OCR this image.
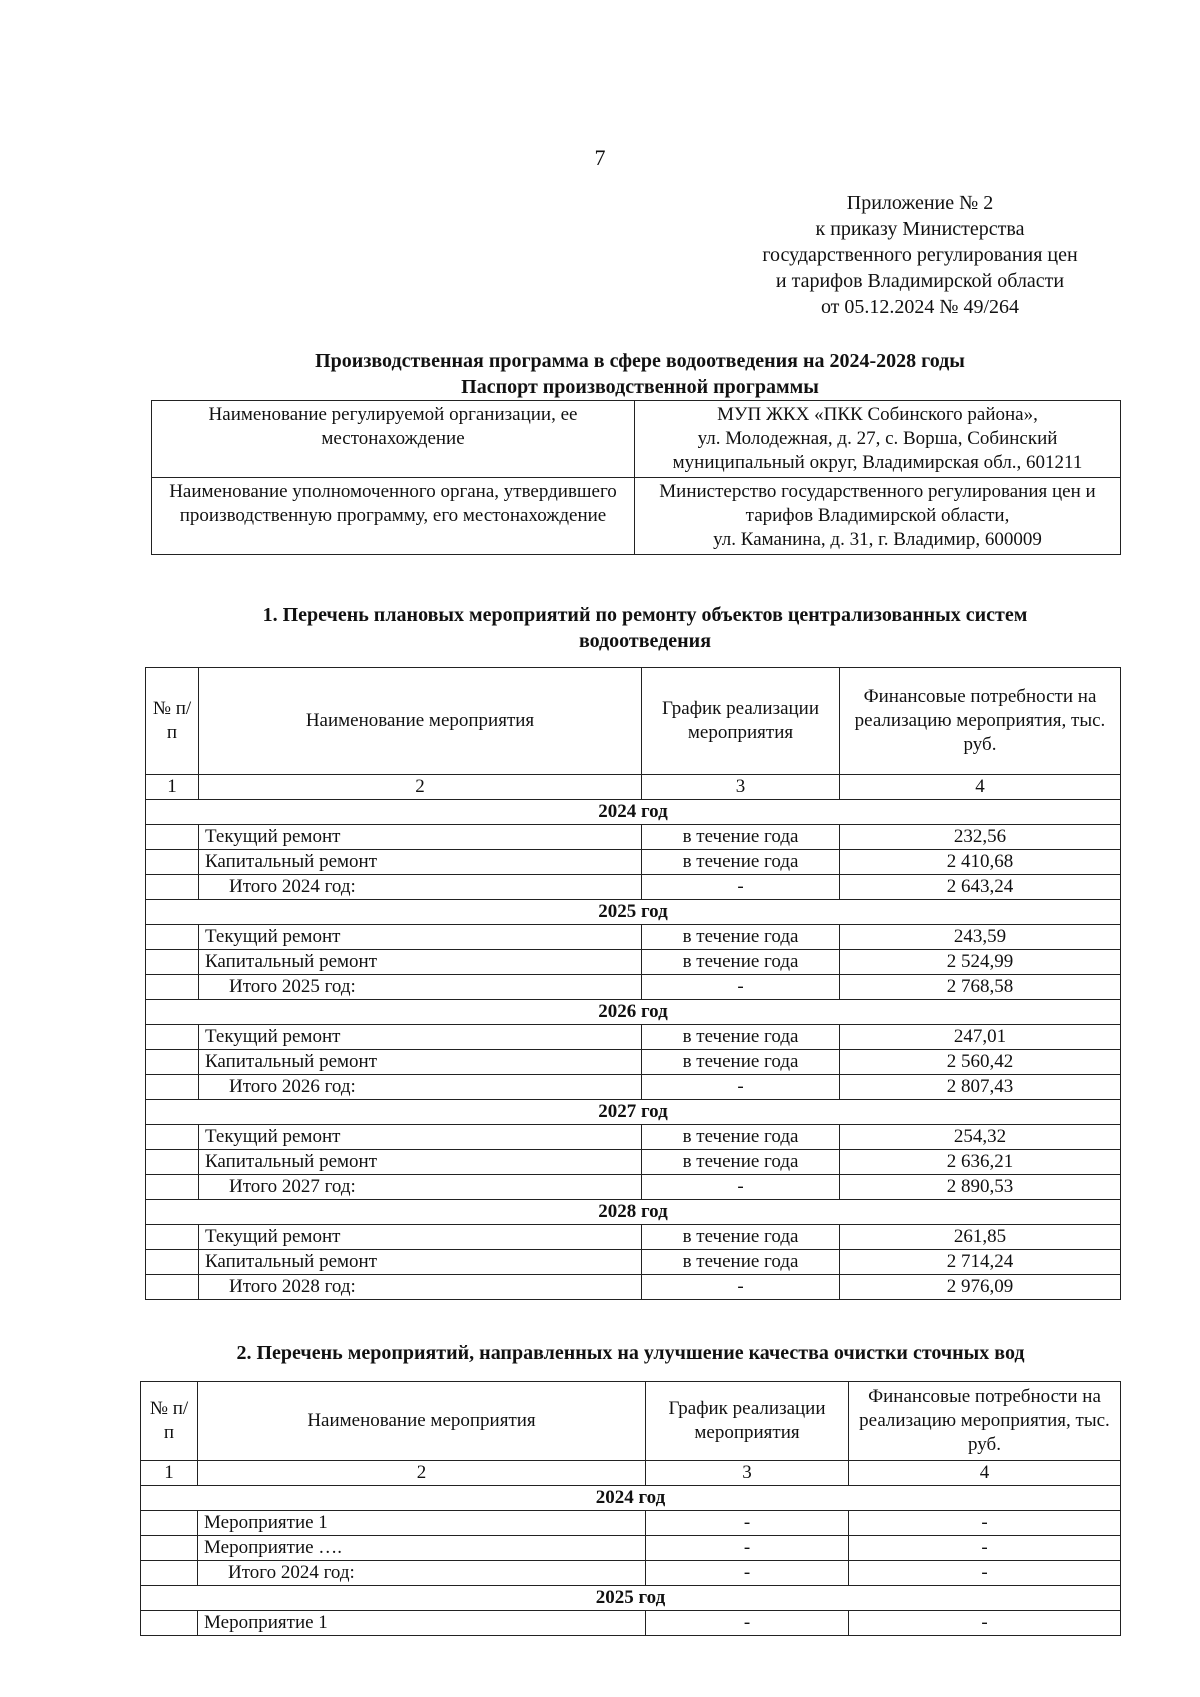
7
Приложение № 2
к приказу Министерства
государственного регулирования цен
и тарифов Владимирской области
от 05.12.2024 № 49/264
Производственная программа в сфере водоотведения на 2024-2028 годы
Паспорт производственной программы
Наименование регулируемой организации, ее местонахождение	МУП ЖКХ «ПКК Собинского района»,
ул. Молодежная, д. 27, с. Ворша, Собинский
муниципальный округ, Владимирская обл., 601211

Наименование уполномоченного органа, утвердившего производственную программу, его местонахождение	Министерство государственного регулирования цен и тарифов Владимирской области,
ул. Каманина, д. 31, г. Владимир, 600009
1. Перечень плановых мероприятий по ремонту объектов централизованных систем водоотведения
№ п/п	Наименование мероприятия	График реализации мероприятия	Финансовые потребности на реализацию мероприятия, тыс. руб.
1	2	3	4
2024 год			
	Текущий ремонт	в течение года	232,56
	Капитальный ремонт	в течение года	2 410,68
	Итого 2024 год:	-	2 643,24
2025 год			
	Текущий ремонт	в течение года	243,59
	Капитальный ремонт	в течение года	2 524,99
	Итого 2025 год:	-	2 768,58
2026 год			
	Текущий ремонт	в течение года	247,01
	Капитальный ремонт	в течение года	2 560,42
	Итого 2026 год:	-	2 807,43
2027 год			
	Текущий ремонт	в течение года	254,32
	Капитальный ремонт	в течение года	2 636,21
	Итого 2027 год:	-	2 890,53
2028 год			
	Текущий ремонт	в течение года	261,85
	Капитальный ремонт	в течение года	2 714,24
	Итого 2028 год:	-	2 976,09
2. Перечень мероприятий, направленных на улучшение качества очистки сточных вод
№ п/п	Наименование мероприятия	График реализации мероприятия	Финансовые потребности на реализацию мероприятия, тыс. руб.
1	2	3	4
2024 год			
	Мероприятие 1	-	-
	Мероприятие ….	-	-
	Итого 2024 год:	-	-
2025 год			
	Мероприятие 1	-	-
